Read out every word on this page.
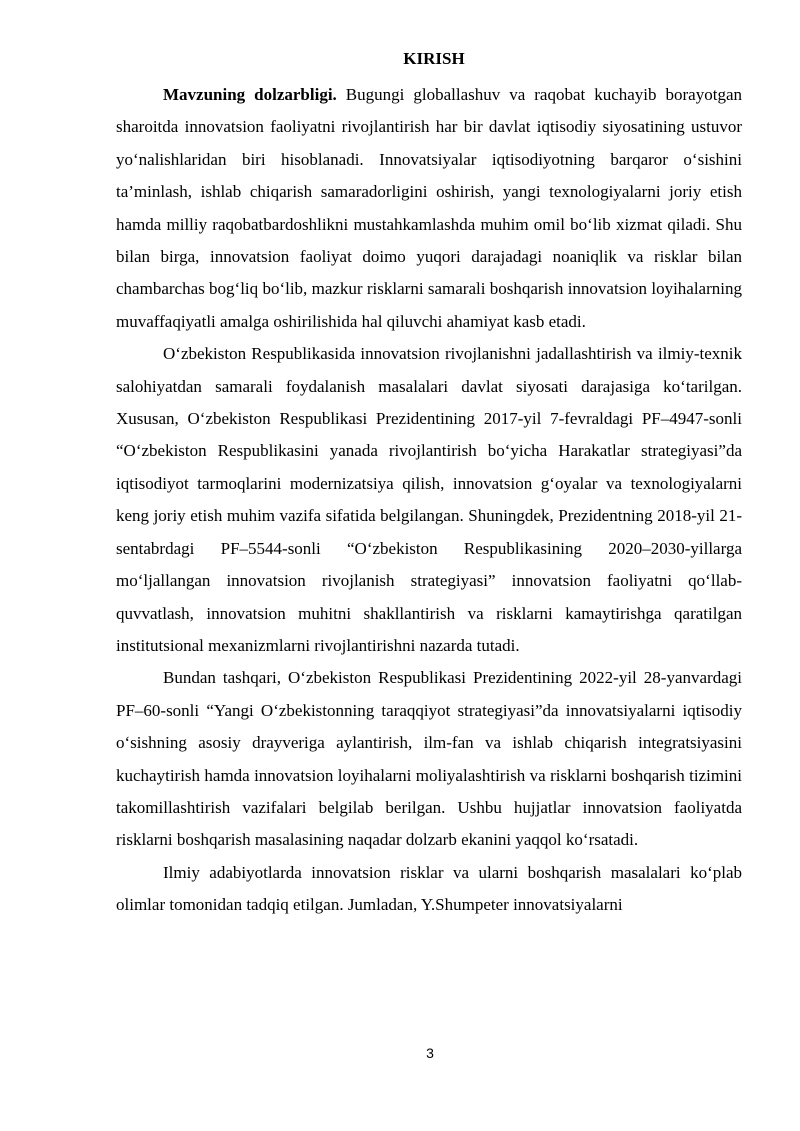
KIRISH

Mavzuning dolzarbligi. Bugungi globallashuv va raqobat kuchayib borayotgan sharoitda innovatsion faoliyatni rivojlantirish har bir davlat iqtisodiy siyosatining ustuvor yo‘nalishlaridan biri hisoblanadi. Innovatsiyalar iqtisodiyotning barqaror o‘sishini ta’minlash, ishlab chiqarish samaradorligini oshirish, yangi texnologiyalarni joriy etish hamda milliy raqobatbardoshlikni mustahkamlashda muhim omil bo‘lib xizmat qiladi. Shu bilan birga, innovatsion faoliyat doimo yuqori darajadagi noaniqlik va risklar bilan chambarchas bog‘liq bo‘lib, mazkur risklarni samarali boshqarish innovatsion loyihalarning muvaffaqiyatli amalga oshirilishida hal qiluvchi ahamiyat kasb etadi.

O‘zbekiston Respublikasida innovatsion rivojlanishni jadallashtirish va ilmiy-texnik salohiyatdan samarali foydalanish masalalari davlat siyosati darajasiga ko‘tarilgan. Xususan, O‘zbekiston Respublikasi Prezidentining 2017-yil 7-fevraldagi PF–4947-sonli “O‘zbekiston Respublikasini yanada rivojlantirish bo‘yicha Harakatlar strategiyasi”da iqtisodiyot tarmoqlarini modernizatsiya qilish, innovatsion g‘oyalar va texnologiyalarni keng joriy etish muhim vazifa sifatida belgilangan. Shuningdek, Prezidentning 2018-yil 21-sentabrdagi PF–5544-sonli “O‘zbekiston Respublikasining 2020–2030-yillarga mo‘ljallangan innovatsion rivojlanish strategiyasi” innovatsion faoliyatni qo‘llab-quvvatlash, innovatsion muhitni shakllantirish va risklarni kamaytirishga qaratilgan institutsional mexanizmlarni rivojlantirishni nazarda tutadi.

Bundan tashqari, O‘zbekiston Respublikasi Prezidentining 2022-yil 28-yanvardagi PF–60-sonli “Yangi O‘zbekistonning taraqqiyot strategiyasi”da innovatsiyalarni iqtisodiy o‘sishning asosiy drayveriga aylantirish, ilm-fan va ishlab chiqarish integratsiyasini kuchaytirish hamda innovatsion loyihalarni moliyalashtirish va risklarni boshqarish tizimini takomillashtirish vazifalari belgilab berilgan. Ushbu hujjatlar innovatsion faoliyatda risklarni boshqarish masalasining naqadar dolzarb ekanini yaqqol ko‘rsatadi.

Ilmiy adabiyotlarda innovatsion risklar va ularni boshqarish masalalari ko‘plab olimlar tomonidan tadqiq etilgan. Jumladan, Y.Shumpeter innovatsiyalarni

3
